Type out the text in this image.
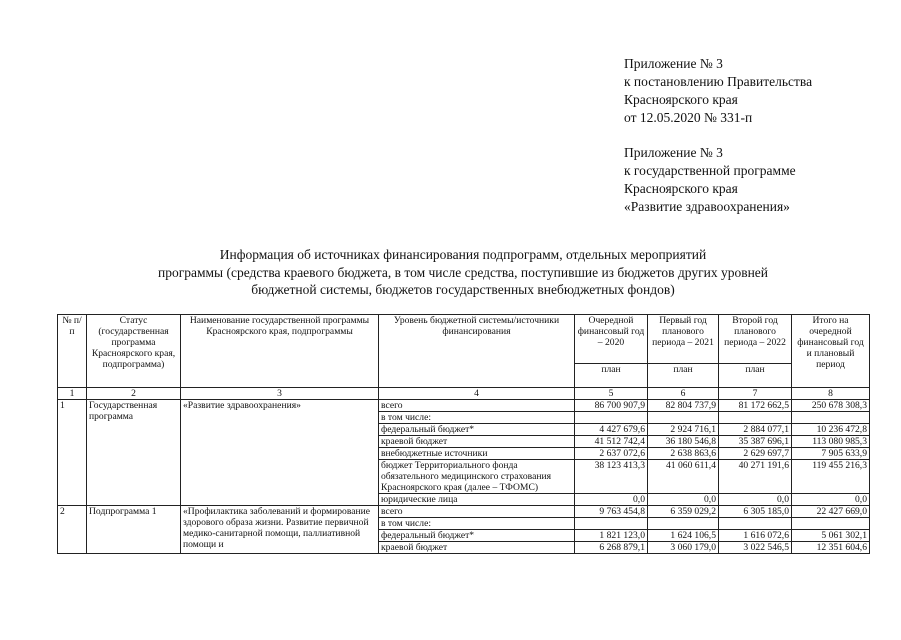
Приложение № 3
к постановлению Правительства
Красноярского края
от 12.05.2020 № 331-п
Приложение № 3
к государственной программе
Красноярского края
«Развитие здравоохранения»
Информация об источниках финансирования подпрограмм, отдельных мероприятий
программы (средства краевого бюджета, в том числе средства, поступившие из бюджетов других уровней
бюджетной системы, бюджетов государственных внебюджетных фондов)
№ п/п	Статус (государственная программа Красноярского края, подпрограмма)	Наименование государственной программы Красноярского края, подпрограммы	Уровень бюджетной системы/источники финансирования	Очередной финансовый год – 2020	Первый год планового периода – 2021	Второй год планового периода – 2022	Итого на очередной финансовый год и плановый период
				план	план	план	
1	2	3	4	5	6	7	8
1	Государственная программа	«Развитие здравоохранения»	всего	86 700 907,9	82 804 737,9	81 172 662,5	250 678 308,3
			в том числе:				
			федеральный бюджет*	4 427 679,6	2 924 716,1	2 884 077,1	10 236 472,8
			краевой бюджет	41 512 742,4	36 180 546,8	35 387 696,1	113 080 985,3
			внебюджетные источники	2 637 072,6	2 638 863,6	2 629 697,7	7 905 633,9
			бюджет Территориального фонда обязательного медицинского страхования Красноярского края (далее – ТФОМС)	38 123 413,3	41 060 611,4	40 271 191,6	119 455 216,3
			юридические лица	0,0	0,0	0,0	0,0
2	Подпрограмма 1	«Профилактика заболеваний и формирование здорового образа жизни. Развитие первичной медико-санитарной помощи, паллиативной помощи и	всего	9 763 454,8	6 359 029,2	6 305 185,0	22 427 669,0
			в том числе:				
			федеральный бюджет*	1 821 123,0	1 624 106,5	1 616 072,6	5 061 302,1
			краевой бюджет	6 268 879,1	3 060 179,0	3 022 546,5	12 351 604,6
